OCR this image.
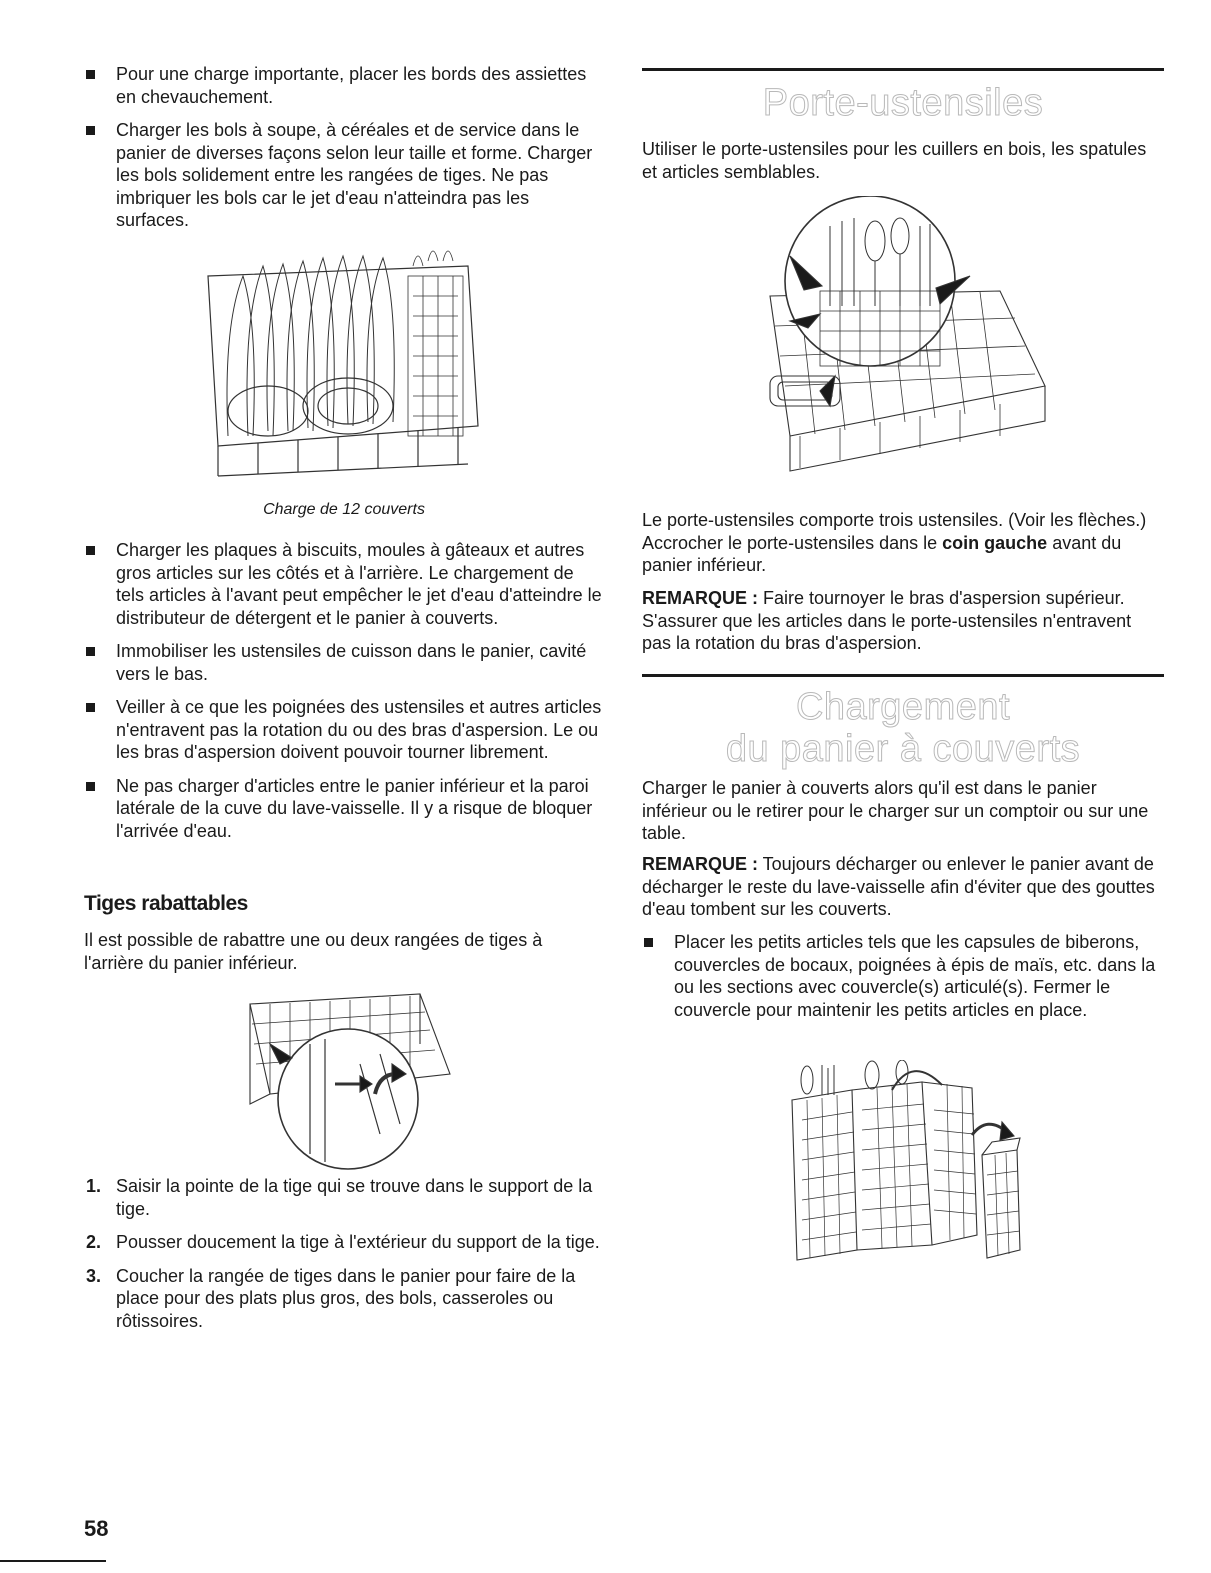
Pour une charge importante, placer les bords des assiettes en chevauchement.
Charger les bols à soupe, à céréales et de service dans le panier de diverses façons selon leur taille et forme. Charger les bols solidement entre les rangées de tiges. Ne pas imbriquer les bols car le jet d'eau n'atteindra pas les surfaces.
Charge de 12 couverts
Charger les plaques à biscuits, moules à gâteaux et autres gros articles sur les côtés et à l'arrière. Le chargement de tels articles à l'avant peut empêcher le jet d'eau d'atteindre le distributeur de détergent et le panier à couverts.
Immobiliser les ustensiles de cuisson dans le panier, cavité vers le bas.
Veiller à ce que les poignées des ustensiles et autres articles n'entravent pas la rotation du ou des bras d'aspersion. Le ou les bras d'aspersion doivent pouvoir tourner librement.
Ne pas charger d'articles entre le panier inférieur et la paroi latérale de la cuve du lave-vaisselle. Il y a risque de bloquer l'arrivée d'eau.
Tiges rabattables
Il est possible de rabattre une ou deux rangées de tiges à l'arrière du panier inférieur.
1. Saisir la pointe de la tige qui se trouve dans le support de la tige.
2. Pousser doucement la tige à l'extérieur du support de la tige.
3. Coucher la rangée de tiges dans le panier pour faire de la place pour des plats plus gros, des bols, casseroles ou rôtissoires.
Porte-ustensiles
Utiliser le porte-ustensiles pour les cuillers en bois, les spatules et articles semblables.
Le porte-ustensiles comporte trois ustensiles. (Voir les flèches.) Accrocher le porte-ustensiles dans le coin gauche avant du panier inférieur.
REMARQUE : Faire tournoyer le bras d'aspersion supérieur. S'assurer que les articles dans le porte-ustensiles n'entravent pas la rotation du bras d'aspersion.
Chargement
du panier à couverts
Charger le panier à couverts alors qu'il est dans le panier inférieur ou le retirer pour le charger sur un comptoir ou sur une table.
REMARQUE : Toujours décharger ou enlever le panier avant de décharger le reste du lave-vaisselle afin d'éviter que des gouttes d'eau tombent sur les couverts.
Placer les petits articles tels que les capsules de biberons, couvercles de bocaux, poignées à épis de maïs, etc. dans la ou les sections avec couvercle(s) articulé(s). Fermer le couvercle pour maintenir les petits articles en place.
58
